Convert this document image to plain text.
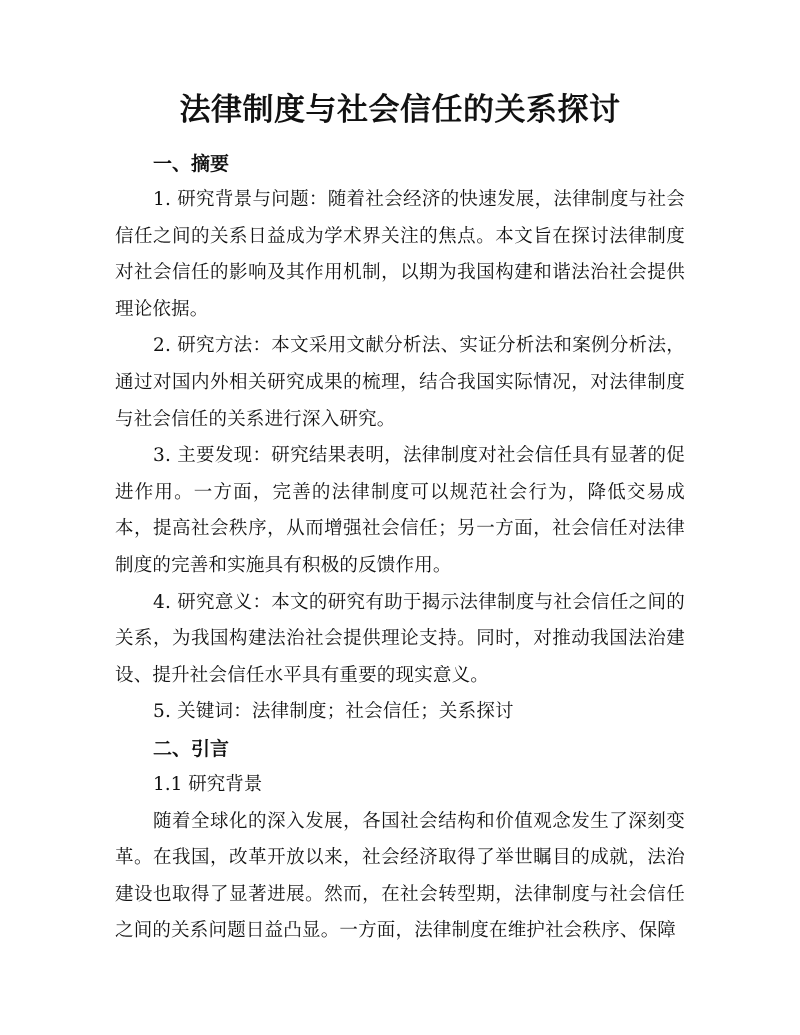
法律制度与社会信任的关系探讨
一、摘要

1. 研究背景与问题：随着社会经济的快速发展，法律制度与社会信任之间的关系日益成为学术界关注的焦点。本文旨在探讨法律制度对社会信任的影响及其作用机制，以期为我国构建和谐法治社会提供理论依据。

2. 研究方法：本文采用文献分析法、实证分析法和案例分析法，通过对国内外相关研究成果的梳理，结合我国实际情况，对法律制度与社会信任的关系进行深入研究。

3. 主要发现：研究结果表明，法律制度对社会信任具有显著的促进作用。一方面，完善的法律制度可以规范社会行为，降低交易成本，提高社会秩序，从而增强社会信任；另一方面，社会信任对法律制度的完善和实施具有积极的反馈作用。

4. 研究意义：本文的研究有助于揭示法律制度与社会信任之间的关系，为我国构建法治社会提供理论支持。同时，对推动我国法治建设、提升社会信任水平具有重要的现实意义。

5. 关键词：法律制度；社会信任；关系探讨

二、引言
1.1 研究背景

随着全球化的深入发展，各国社会结构和价值观念发生了深刻变革。在我国，改革开放以来，社会经济取得了举世瞩目的成就，法治建设也取得了显著进展。然而，在社会转型期，法律制度与社会信任之间的关系问题日益凸显。一方面，法律制度在维护社会秩序、保障
